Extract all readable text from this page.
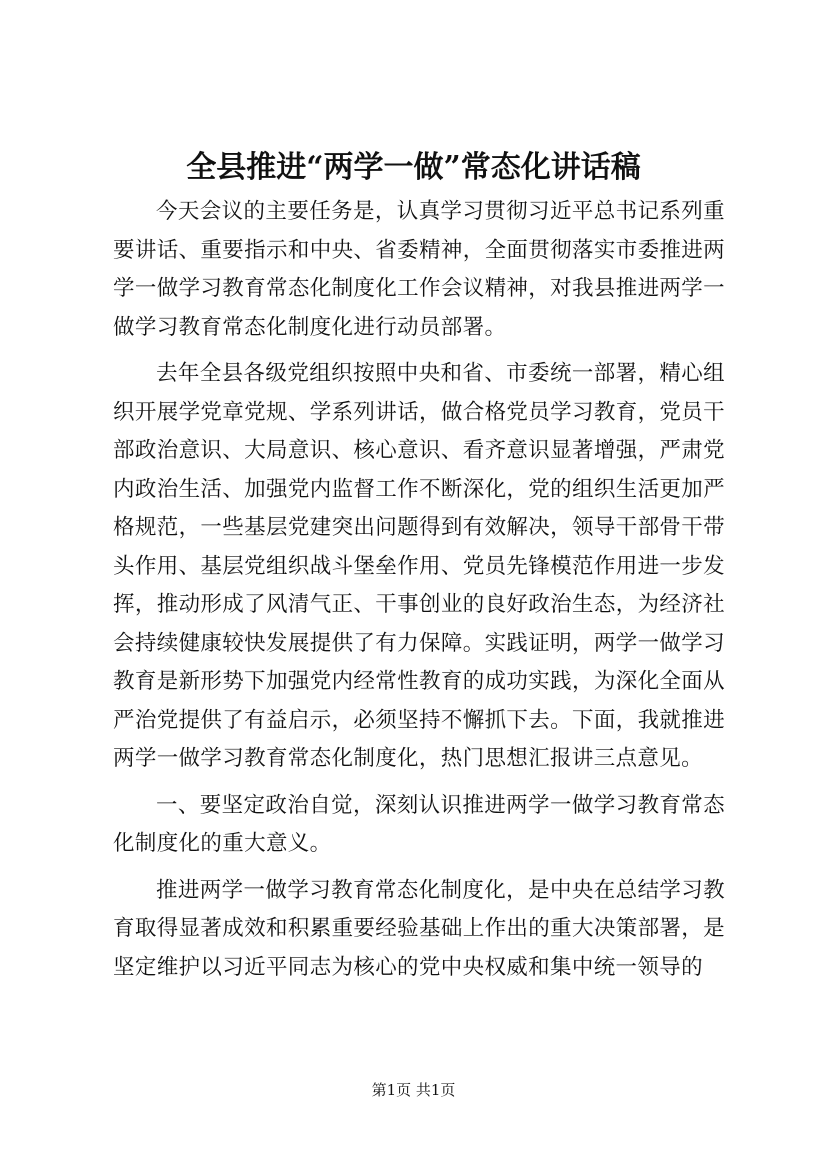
全县推进“两学一做”常态化讲话稿

今天会议的主要任务是，认真学习贯彻习近平总书记系列重要讲话、重要指示和中央、省委精神，全面贯彻落实市委推进两学一做学习教育常态化制度化工作会议精神，对我县推进两学一做学习教育常态化制度化进行动员部署。

去年全县各级党组织按照中央和省、市委统一部署，精心组织开展学党章党规、学系列讲话，做合格党员学习教育，党员干部政治意识、大局意识、核心意识、看齐意识显著增强，严肃党内政治生活、加强党内监督工作不断深化，党的组织生活更加严格规范，一些基层党建突出问题得到有效解决，领导干部骨干带头作用、基层党组织战斗堡垒作用、党员先锋模范作用进一步发挥，推动形成了风清气正、干事创业的良好政治生态，为经济社会持续健康较快发展提供了有力保障。实践证明，两学一做学习教育是新形势下加强党内经常性教育的成功实践，为深化全面从严治党提供了有益启示，必须坚持不懈抓下去。下面，我就推进两学一做学习教育常态化制度化，热门思想汇报讲三点意见。

一、要坚定政治自觉，深刻认识推进两学一做学习教育常态化制度化的重大意义。

推进两学一做学习教育常态化制度化，是中央在总结学习教育取得显著成效和积累重要经验基础上作出的重大决策部署，是坚定维护以习近平同志为核心的党中央权威和集中统一领导的

第1页 共1页
